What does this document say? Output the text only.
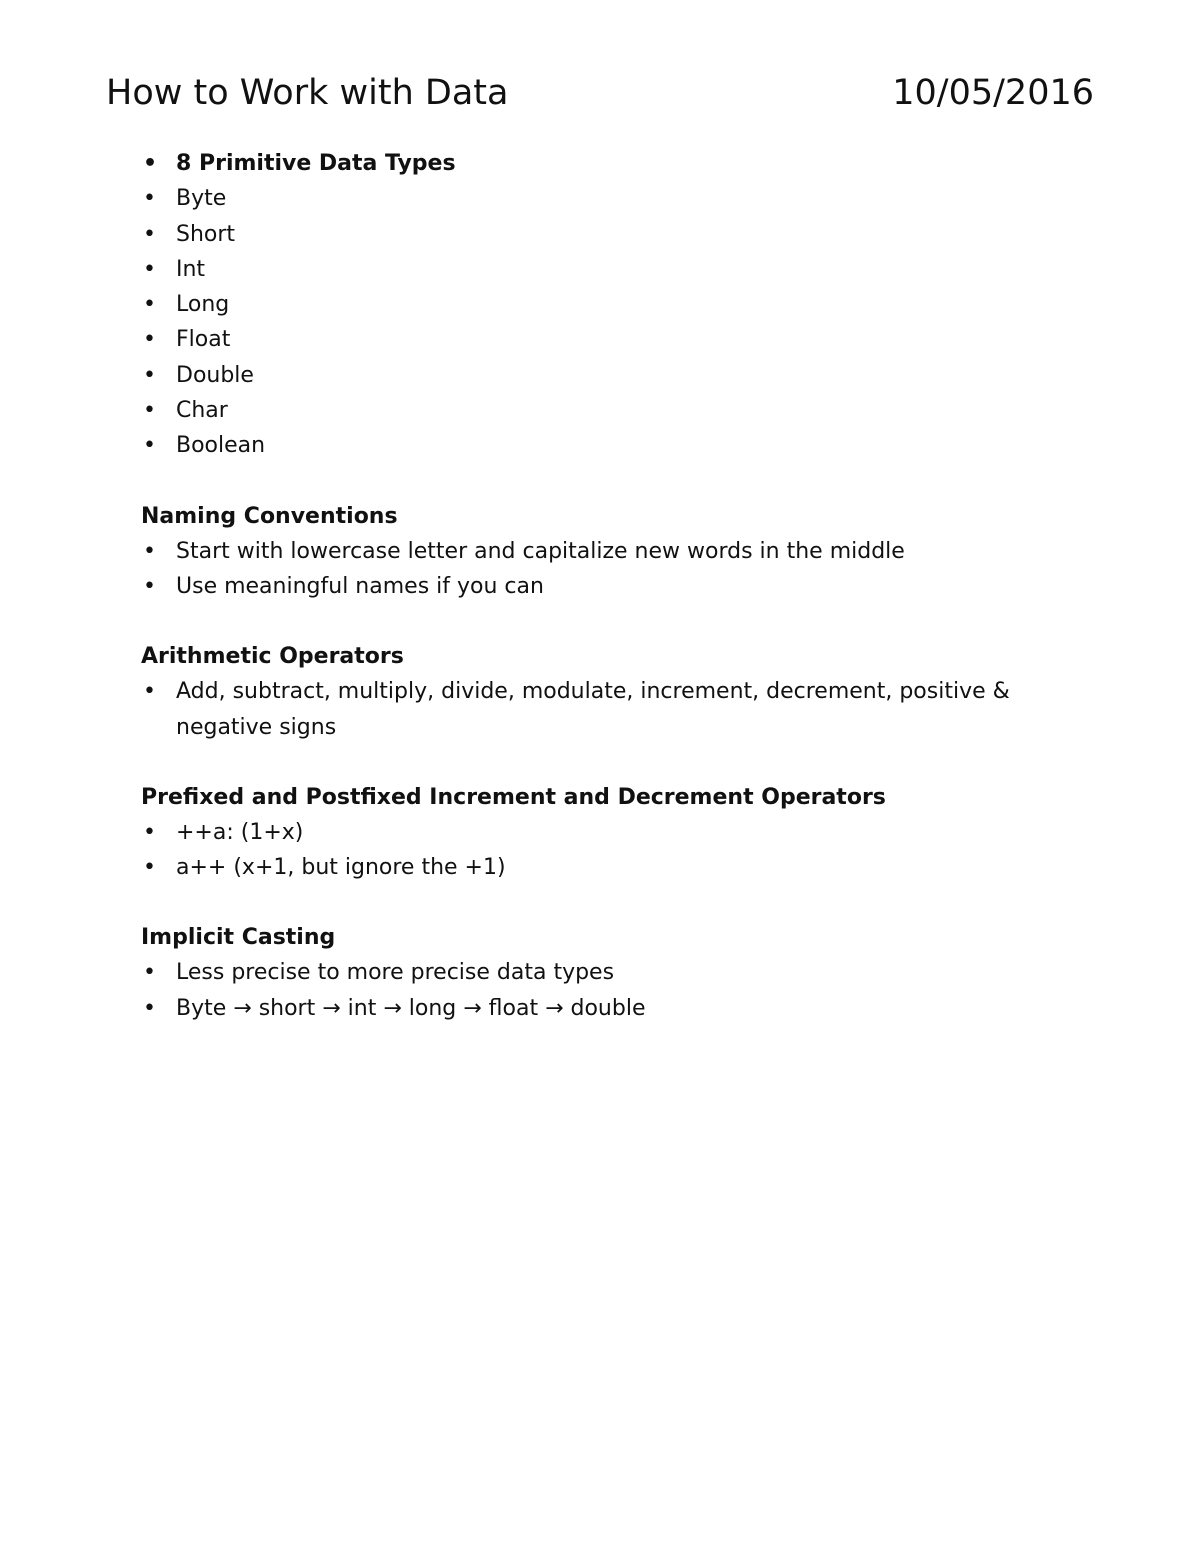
How to Work with Data	10/05/2016
• 8 Primitive Data Types
• Byte
• Short
• Int
• Long
• Float
• Double
• Char
• Boolean
Naming Conventions
• Start with lowercase letter and capitalize new words in the middle
• Use meaningful names if you can
Arithmetic Operators
• Add, subtract, multiply, divide, modulate, increment, decrement, positive & negative signs
Prefixed and Postfixed Increment and Decrement Operators
• ++a: (1+x)
• a++ (x+1, but ignore the +1)
Implicit Casting
• Less precise to more precise data types
• Byte → short → int → long → float → double
